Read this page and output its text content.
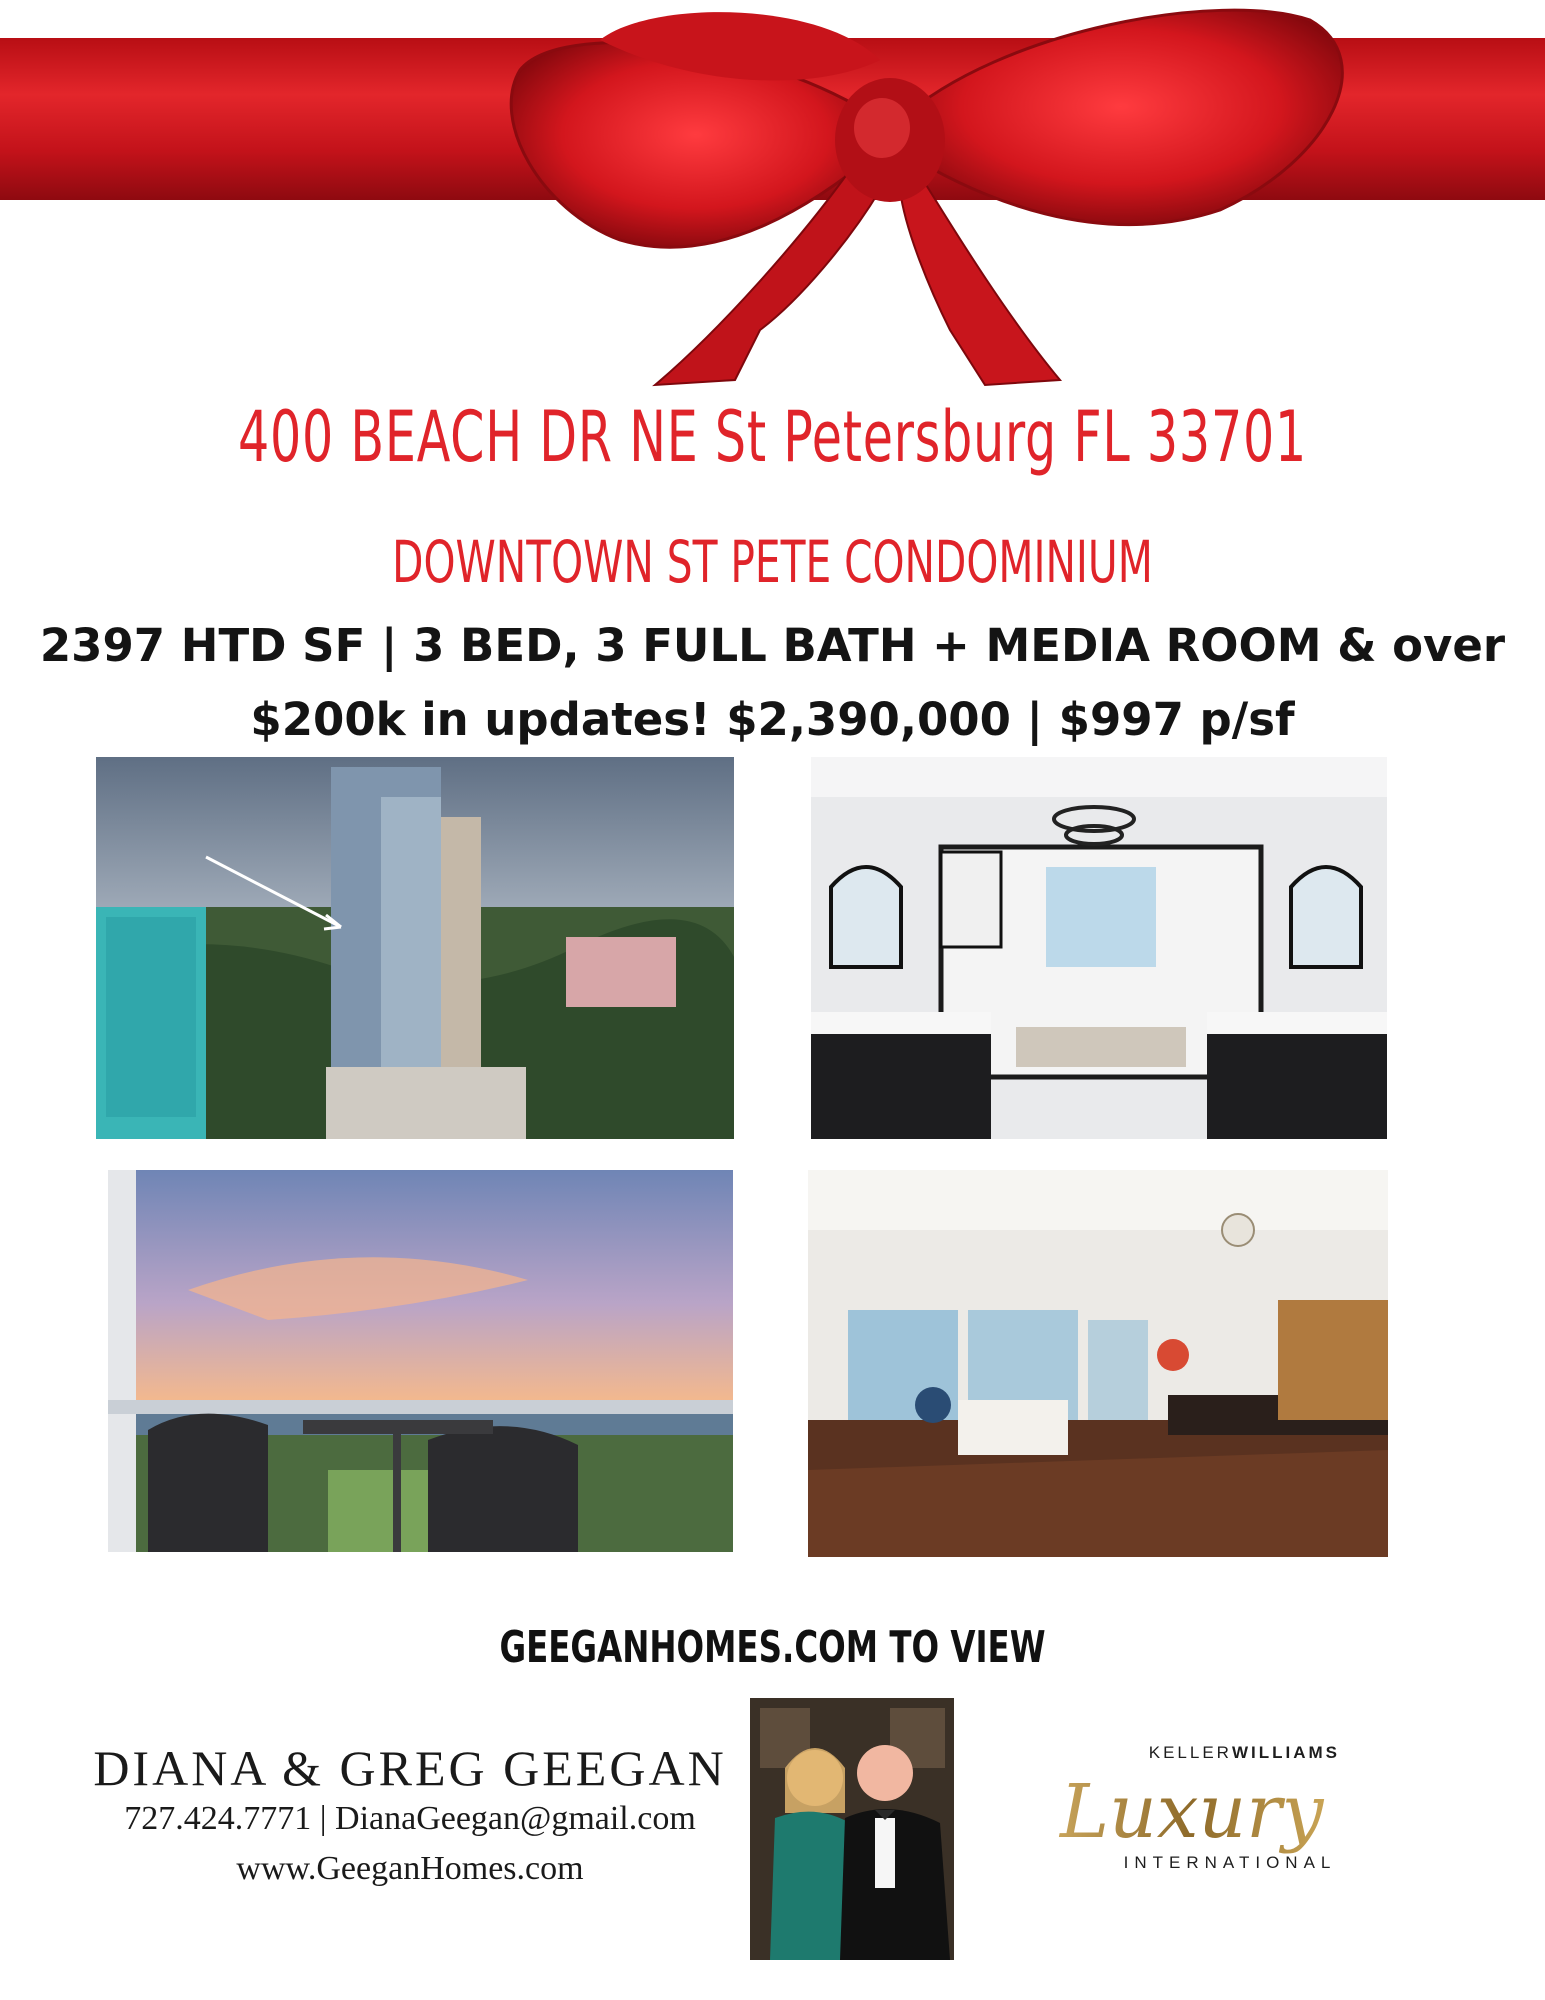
400 BEACH DR NE St Petersburg FL 33701
DOWNTOWN ST PETE CONDOMINIUM
2397 HTD SF | 3 BED, 3 FULL BATH + MEDIA ROOM & over
$200k in updates! $2,390,000 | $997 p/sf
GEEGANHOMES.COM TO VIEW
DIANA & GREG GEEGAN
727.424.7771 | DianaGeegan@gmail.com
www.GeeganHomes.com
KELLERWILLIAMS
Luxury
INTERNATIONAL
